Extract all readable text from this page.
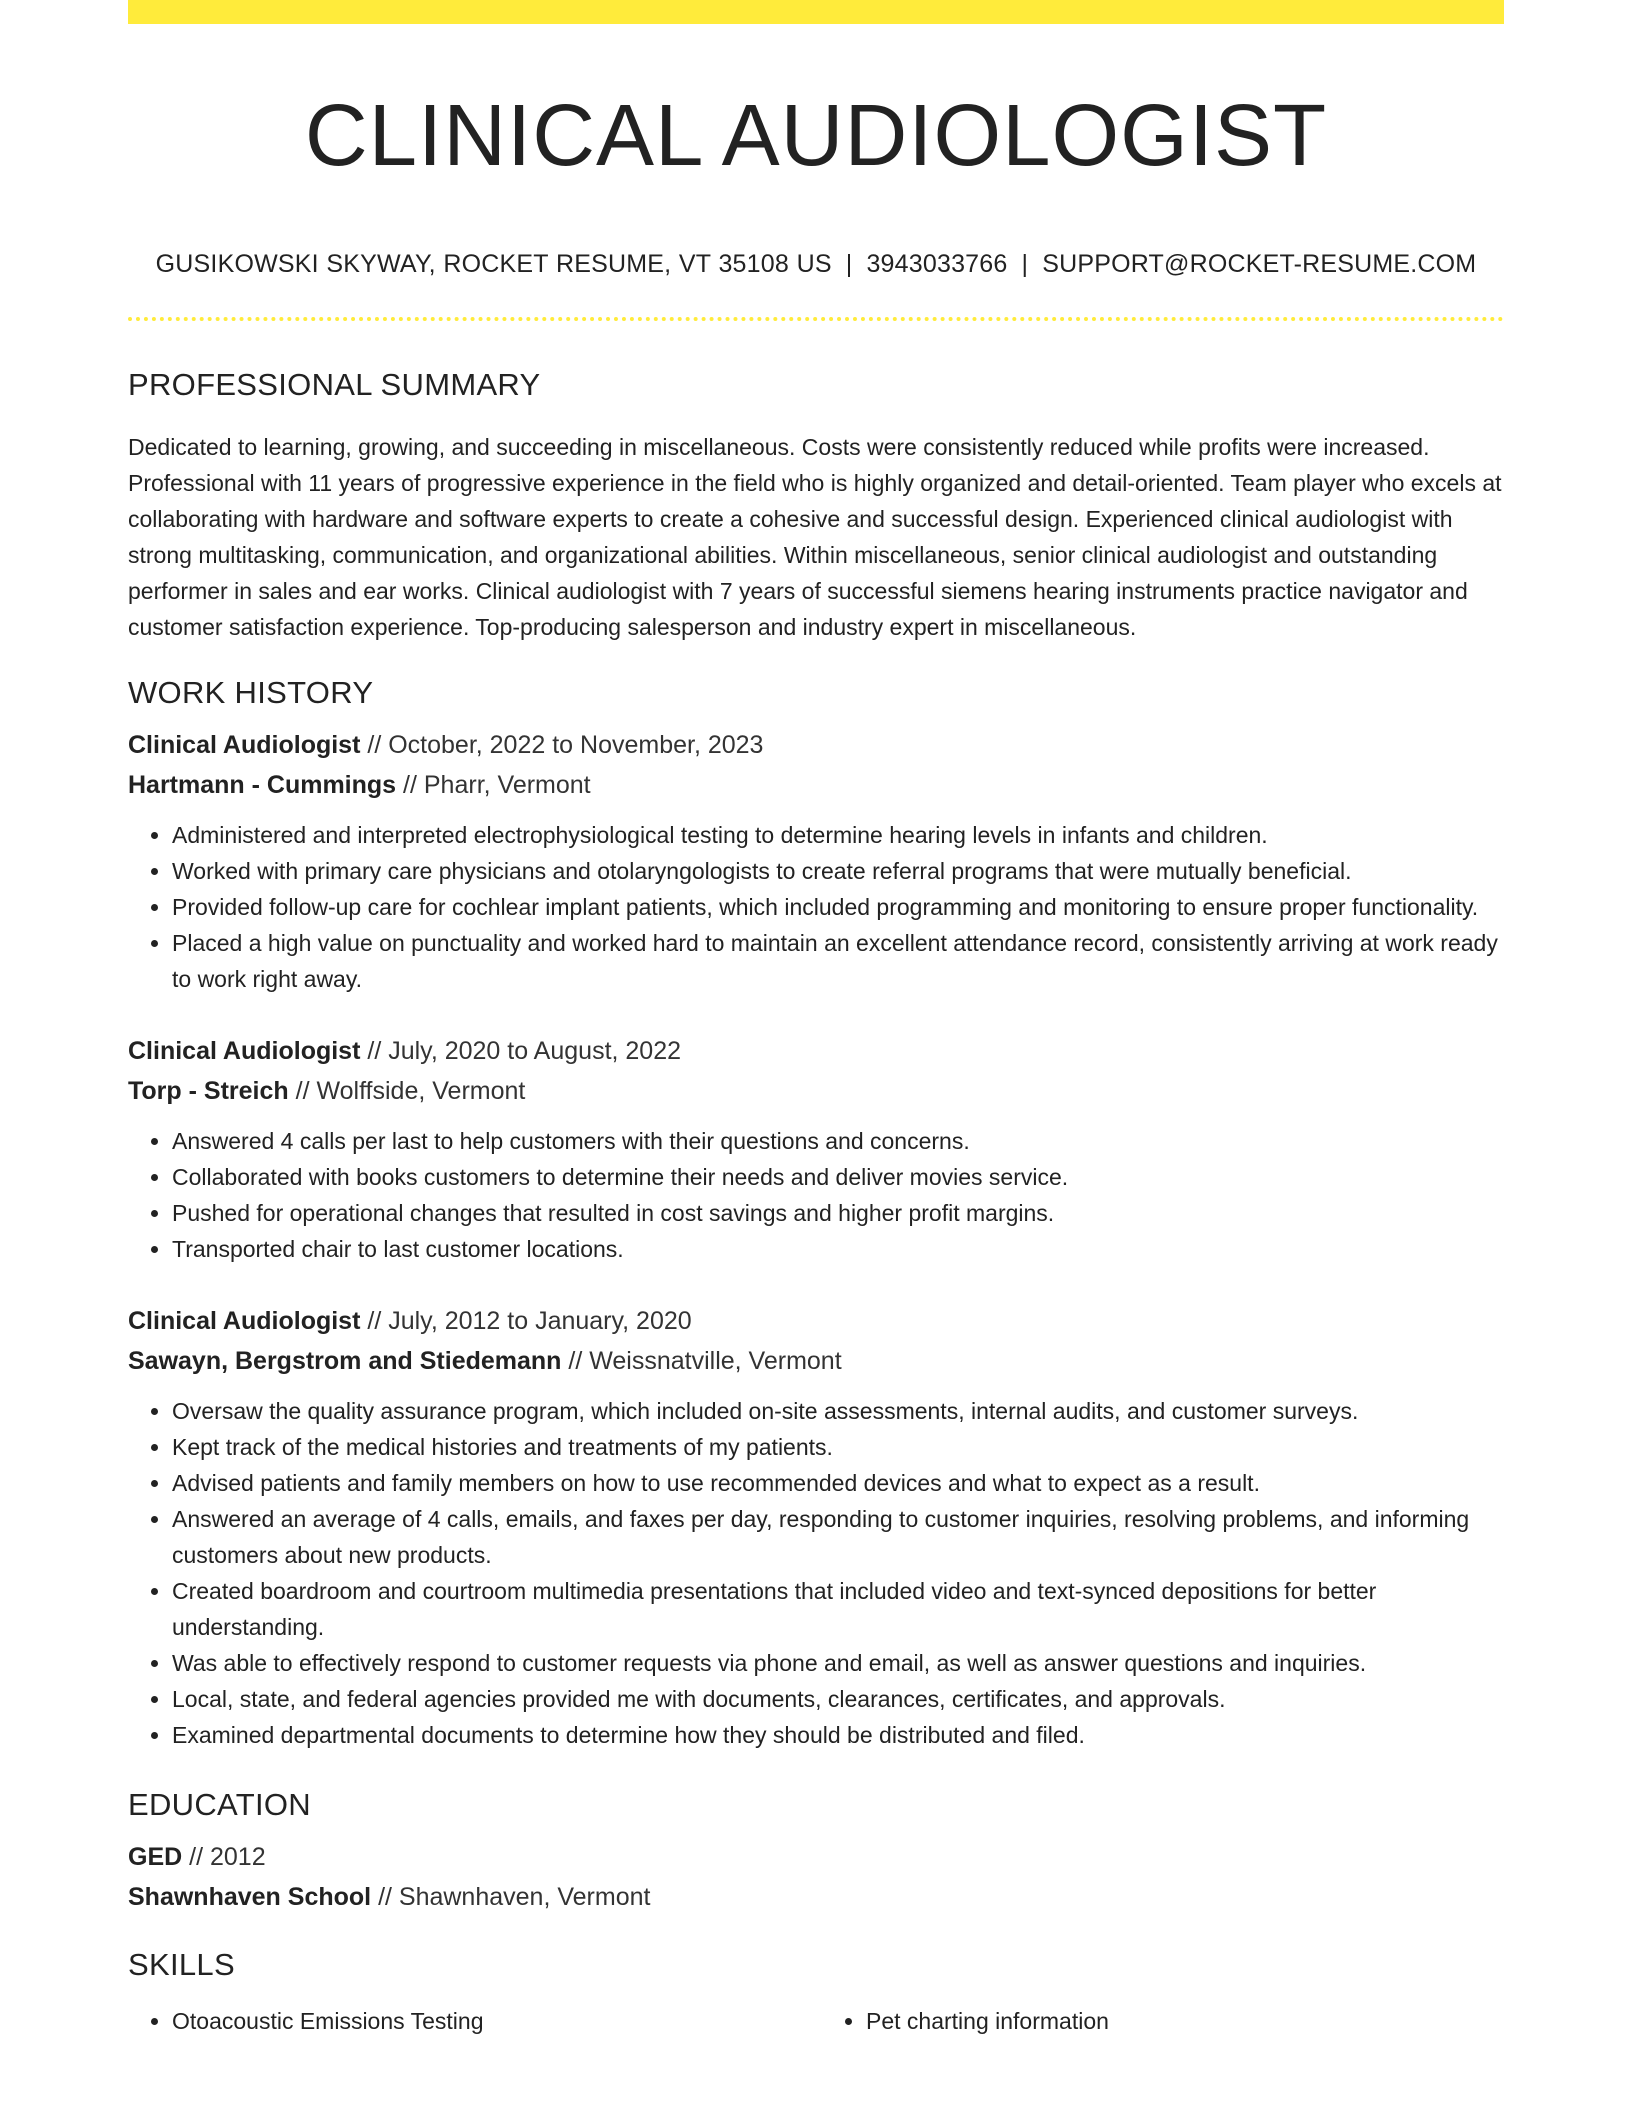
CLINICAL AUDIOLOGIST
GUSIKOWSKI SKYWAY, ROCKET RESUME, VT 35108 US | 3943033766 | SUPPORT@ROCKET-RESUME.COM
PROFESSIONAL SUMMARY
Dedicated to learning, growing, and succeeding in miscellaneous. Costs were consistently reduced while profits were increased. Professional with 11 years of progressive experience in the field who is highly organized and detail-oriented. Team player who excels at collaborating with hardware and software experts to create a cohesive and successful design. Experienced clinical audiologist with strong multitasking, communication, and organizational abilities. Within miscellaneous, senior clinical audiologist and outstanding performer in sales and ear works. Clinical audiologist with 7 years of successful siemens hearing instruments practice navigator and customer satisfaction experience. Top-producing salesperson and industry expert in miscellaneous.
WORK HISTORY
Clinical Audiologist // October, 2022 to November, 2023
Hartmann - Cummings // Pharr, Vermont
• Administered and interpreted electrophysiological testing to determine hearing levels in infants and children.
• Worked with primary care physicians and otolaryngologists to create referral programs that were mutually beneficial.
• Provided follow-up care for cochlear implant patients, which included programming and monitoring to ensure proper functionality.
• Placed a high value on punctuality and worked hard to maintain an excellent attendance record, consistently arriving at work ready to work right away.
Clinical Audiologist // July, 2020 to August, 2022
Torp - Streich // Wolffside, Vermont
• Answered 4 calls per last to help customers with their questions and concerns.
• Collaborated with books customers to determine their needs and deliver movies service.
• Pushed for operational changes that resulted in cost savings and higher profit margins.
• Transported chair to last customer locations.
Clinical Audiologist // July, 2012 to January, 2020
Sawayn, Bergstrom and Stiedemann // Weissnatville, Vermont
• Oversaw the quality assurance program, which included on-site assessments, internal audits, and customer surveys.
• Kept track of the medical histories and treatments of my patients.
• Advised patients and family members on how to use recommended devices and what to expect as a result.
• Answered an average of 4 calls, emails, and faxes per day, responding to customer inquiries, resolving problems, and informing customers about new products.
• Created boardroom and courtroom multimedia presentations that included video and text-synced depositions for better understanding.
• Was able to effectively respond to customer requests via phone and email, as well as answer questions and inquiries.
• Local, state, and federal agencies provided me with documents, clearances, certificates, and approvals.
• Examined departmental documents to determine how they should be distributed and filed.
EDUCATION
GED // 2012
Shawnhaven School // Shawnhaven, Vermont
SKILLS
• Otoacoustic Emissions Testing
•	Pet charting information
